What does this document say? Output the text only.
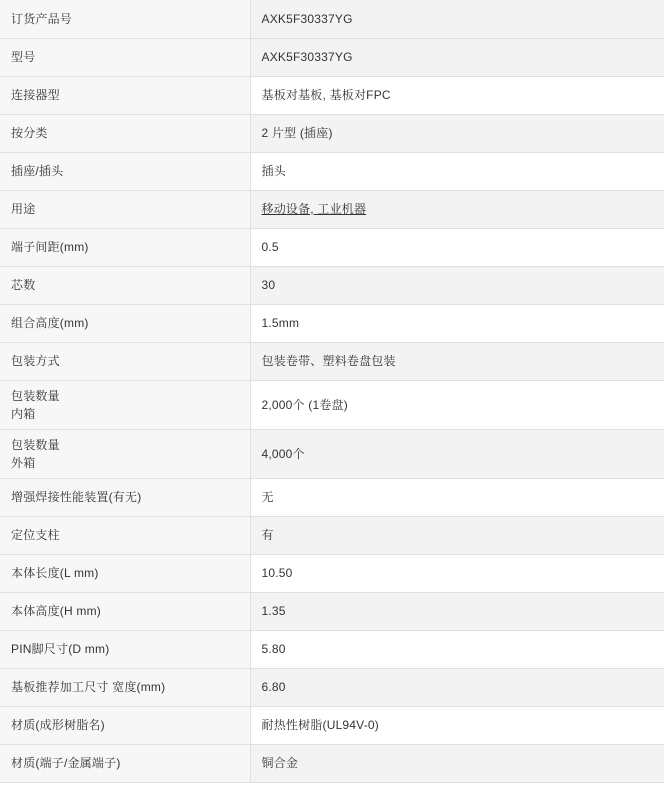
订货产品号	AXK5F30337YG
型号	AXK5F30337YG
连接器型	基板对基板, 基板对FPC
按分类	2 片型 (插座)
插座/插头	插头
用途	移动设备, 工业机器
端子间距(mm)	0.5
芯数	30
组合高度(mm)	1.5mm
包装方式	包装卷带、塑料卷盘包装
包装数量
内箱	2,000个 (1卷盘)
包装数量
外箱	4,000个
增强焊接性能装置(有无)	无
定位支柱	有
本体长度(L mm)	10.50
本体高度(H mm)	1.35
PIN脚尺寸(D mm)	5.80
基板推荐加工尺寸 宽度(mm)	6.80
材质(成形树脂名)	耐热性树脂(UL94V-0)
材质(端子/金属端子)	铜合金
